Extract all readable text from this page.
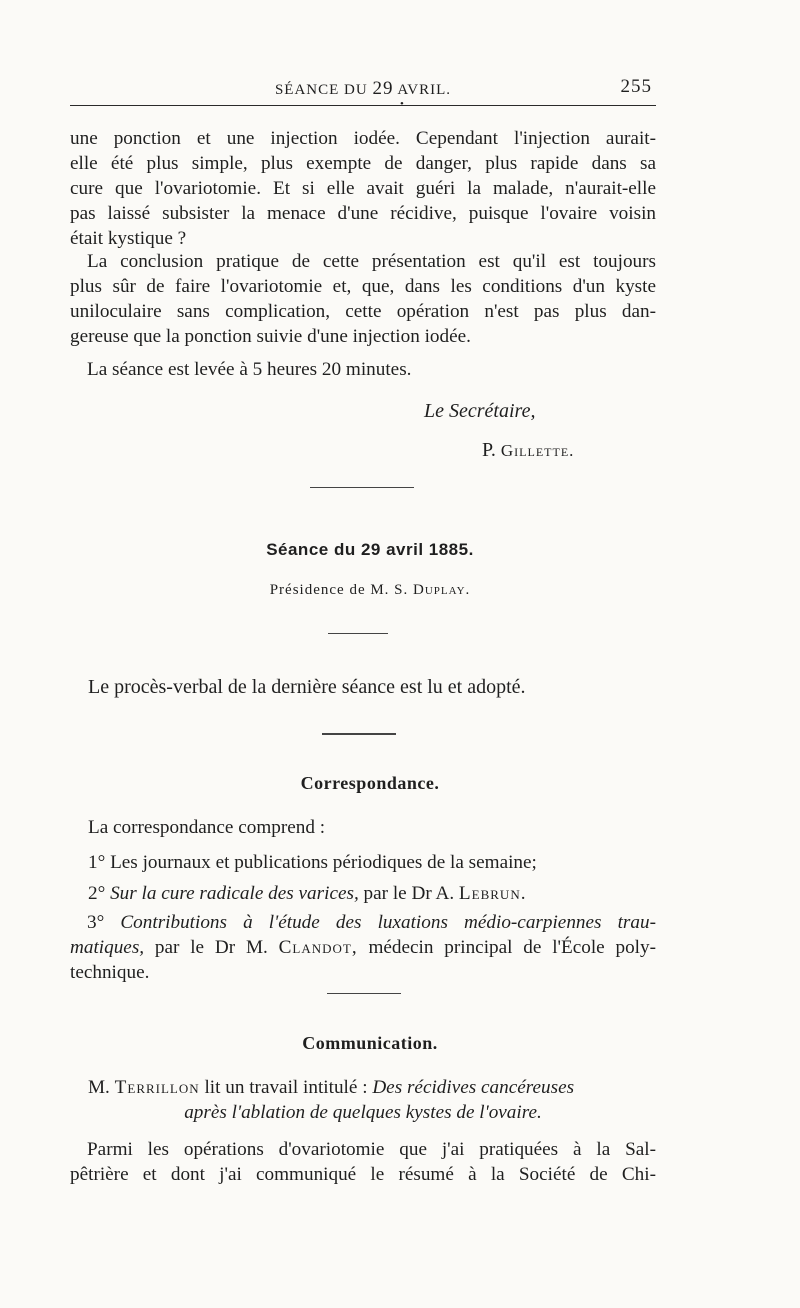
SÉANCE DU 29 AVRIL.	255
•
une ponction et une injection iodée. Cependant l'injection aurait-
elle été plus simple, plus exempte de danger, plus rapide dans sa
cure que l'ovariotomie. Et si elle avait guéri la malade, n'aurait-elle
pas laissé subsister la menace d'une récidive, puisque l'ovaire voisin
était kystique ?
La conclusion pratique de cette présentation est qu'il est toujours
plus sûr de faire l'ovariotomie et, que, dans les conditions d'un kyste
uniloculaire sans complication, cette opération n'est pas plus dan-
gereuse que la ponction suivie d'une injection iodée.
La séance est levée à 5 heures 20 minutes.
Le Secrétaire,
P. Gillette.
Séance du 29 avril 1885.
Présidence de M. S. Duplay.
Le procès-verbal de la dernière séance est lu et adopté.
Correspondance.
La correspondance comprend :
1° Les journaux et publications périodiques de la semaine;
2° Sur la cure radicale des varices, par le Dr A. Lebrun.
3° Contributions à l'étude des luxations médio-carpiennes trau-
matiques, par le Dr M. Clandot, médecin principal de l'École poly-
technique.
Communication.
M. Terrillon lit un travail intitulé : Des récidives cancéreuses
après l'ablation de quelques kystes de l'ovaire.
Parmi les opérations d'ovariotomie que j'ai pratiquées à la Sal-
pêtrière et dont j'ai communiqué le résumé à la Société de Chi-
